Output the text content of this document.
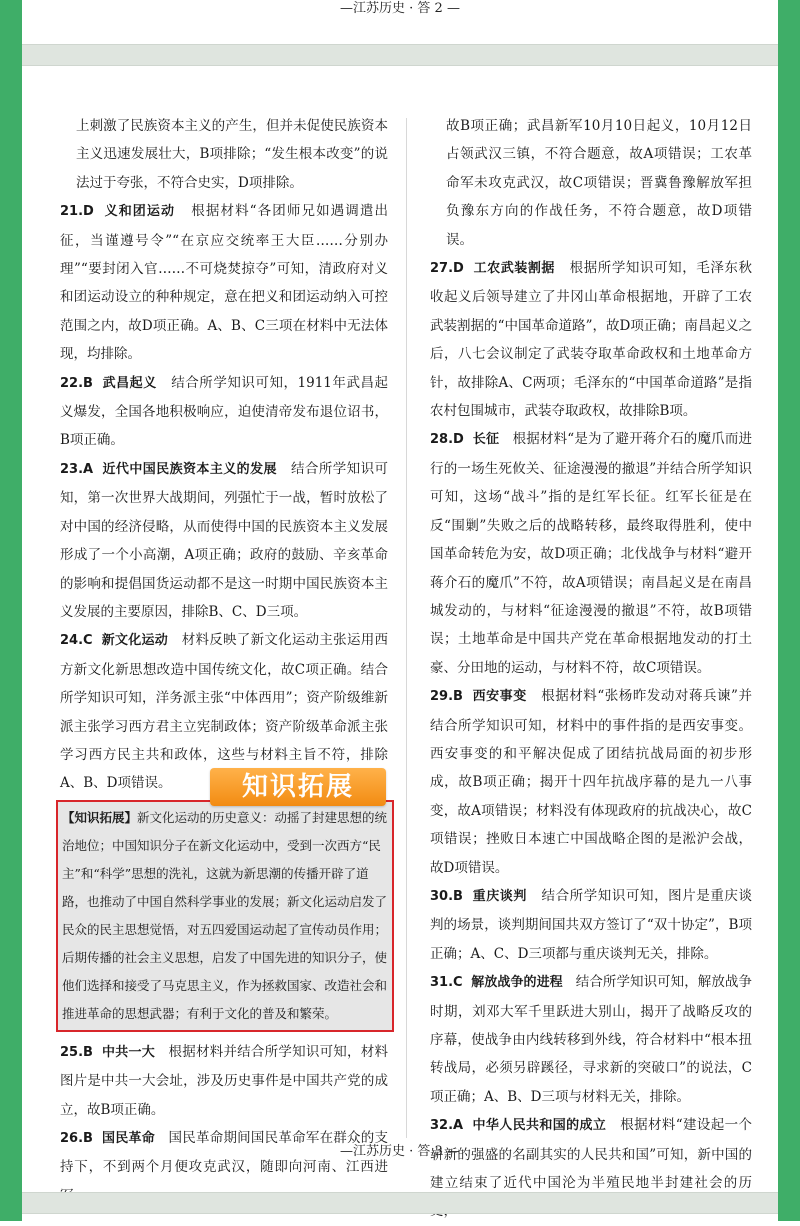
—江苏历史 · 答 2 —

上刺激了民族资本主义的产生，但并未促使民族资本主义迅速发展壮大，B项排除；“发生根本改变”的说法过于夸张，不符合史实，D项排除。

21.D 义和团运动 根据材料“各团师兄如遇调遣出征，当谨遵号令”“在京应交统率王大臣……分别办理”“要封闭入官……不可烧焚掠夺”可知，清政府对义和团运动设立的种种规定，意在把义和团运动纳入可控范围之内，故D项正确。A、B、C三项在材料中无法体现，均排除。

22.B 武昌起义 结合所学知识可知，1911年武昌起义爆发，全国各地积极响应，迫使清帝发布退位诏书，B项正确。

23.A 近代中国民族资本主义的发展 结合所学知识可知，第一次世界大战期间，列强忙于一战，暂时放松了对中国的经济侵略，从而使得中国的民族资本主义发展形成了一个小高潮，A项正确；政府的鼓励、辛亥革命的影响和提倡国货运动都不是这一时期中国民族资本主义发展的主要原因，排除B、C、D三项。

24.C 新文化运动 材料反映了新文化运动主张运用西方新文化新思想改造中国传统文化，故C项正确。结合所学知识可知，洋务派主张“中体西用”；资产阶级维新派主张学习西方君主立宪制政体；资产阶级革命派主张学习西方民主共和政体，这些与材料主旨不符，排除A、B、D项错误。	知识拓展
【知识拓展】新文化运动的历史意义：动摇了封建思想的统治地位；中国知识分子在新文化运动中，受到一次西方“民主”和“科学”思想的洗礼，这就为新思潮的传播开辟了道路，也推动了中国自然科学事业的发展；新文化运动启发了民众的民主思想觉悟，对五四爱国运动起了宣传动员作用；后期传播的社会主义思想，启发了中国先进的知识分子，使他们选择和接受了马克思主义，作为拯救国家、改造社会和推进革命的思想武器；有利于文化的普及和繁荣。

25.B 中共一大 根据材料并结合所学知识可知，材料图片是中共一大会址，涉及历史事件是中国共产党的成立，故B项正确。

26.B 国民革命 国民革命期间国民革命军在群众的支持下，不到两个月便攻克武汉，随即向河南、江西进

故B项正确；武昌新军10月10日起义，10月12日占领武汉三镇，不符合题意，故A项错误；工农革命军未攻克武汉，故C项错误；晋冀鲁豫解放军担负豫东方向的作战任务，不符合题意，故D项错误。

27.D 工农武装割据 根据所学知识可知，毛泽东秋收起义后领导建立了井冈山革命根据地，开辟了工农武装割据的“中国革命道路”，故D项正确；南昌起义之后，八七会议制定了武装夺取革命政权和土地革命方针，故排除A、C两项；毛泽东的“中国革命道路”是指农村包围城市，武装夺取政权，故排除B项。

28.D 长征 根据材料“是为了避开蒋介石的魔爪而进行的一场生死攸关、征途漫漫的撤退”并结合所学知识可知，这场“战斗”指的是红军长征。红军长征是在反“围剿”失败之后的战略转移，最终取得胜利，使中国革命转危为安，故D项正确；北伐战争与材料“避开蒋介石的魔爪”不符，故A项错误；南昌起义是在南昌城发动的，与材料“征途漫漫的撤退”不符，故B项错误；土地革命是中国共产党在革命根据地发动的打土豪、分田地的运动，与材料不符，故C项错误。

29.B 西安事变 根据材料“张杨昨发动对蒋兵谏”并结合所学知识可知，材料中的事件指的是西安事变。西安事变的和平解决促成了团结抗战局面的初步形成，故B项正确；揭开十四年抗战序幕的是九一八事变，故A项错误；材料没有体现政府的抗战决心，故C项错误；挫败日本速亡中国战略企图的是淞沪会战，故D项错误。

30.B 重庆谈判 结合所学知识可知，图片是重庆谈判的场景，谈判期间国共双方签订了“双十协定”，B项正确；A、C、D三项都与重庆谈判无关，排除。

31.C 解放战争的进程 结合所学知识可知，解放战争时期，刘邓大军千里跃进大别山，揭开了战略反攻的序幕，使战争由内线转移到外线，符合材料中“根本扭转战局，必须另辟蹊径，寻求新的突破口”的说法，C项正确；A、B、D三项与材料无关，排除。

32.A 中华人民共和国的成立 根据材料“建设起一个崭新的强盛的名副其实的人民共和国”可知，新中国的建立结束了近代中国沦为半殖民地半封建社会的历

—江苏历史 · 答 3 —
